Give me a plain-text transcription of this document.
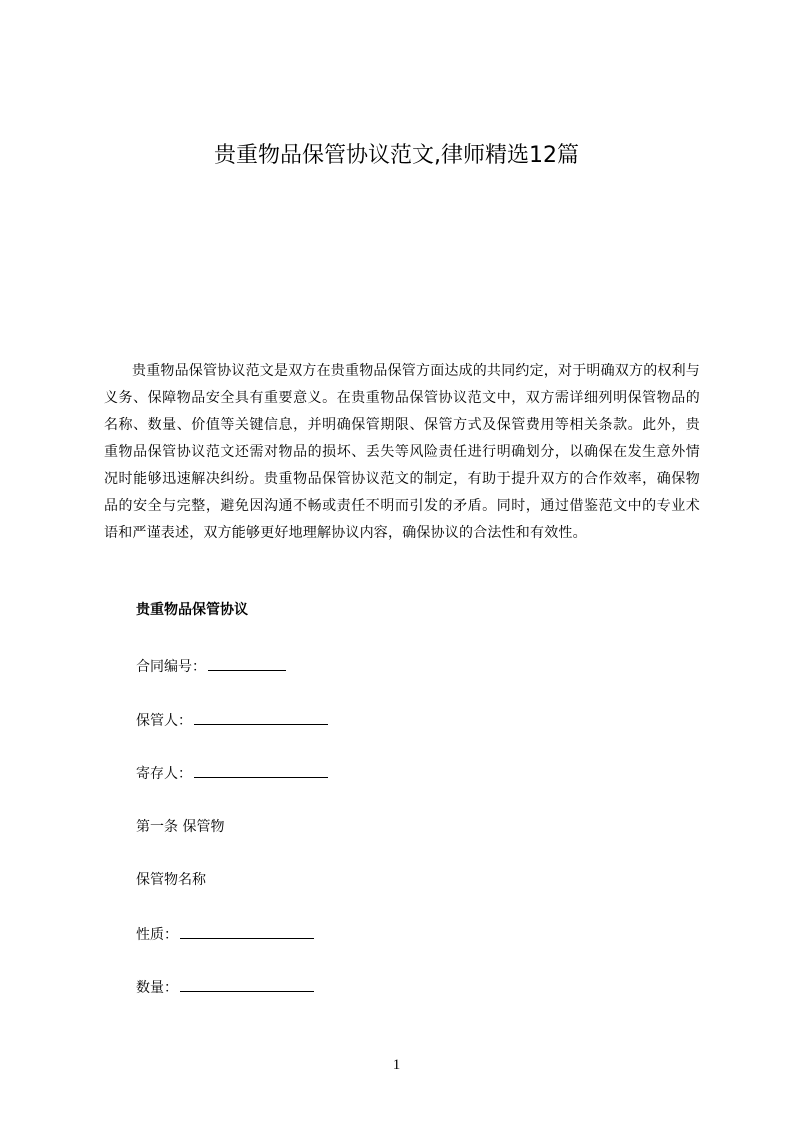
贵重物品保管协议范文,律师精选12篇

贵重物品保管协议范文是双方在贵重物品保管方面达成的共同约定，对于明确双方的权利与义务、保障物品安全具有重要意义。在贵重物品保管协议范文中，双方需详细列明保管物品的名称、数量、价值等关键信息，并明确保管期限、保管方式及保管费用等相关条款。此外，贵重物品保管协议范文还需对物品的损坏、丢失等风险责任进行明确划分，以确保在发生意外情况时能够迅速解决纠纷。贵重物品保管协议范文的制定，有助于提升双方的合作效率，确保物品的安全与完整，避免因沟通不畅或责任不明而引发的矛盾。同时，通过借鉴范文中的专业术语和严谨表述，双方能够更好地理解协议内容，确保协议的合法性和有效性。

贵重物品保管协议

合同编号：

保管人：

寄存人：

第一条 保管物

保管物名称

性质：

数量：

1
